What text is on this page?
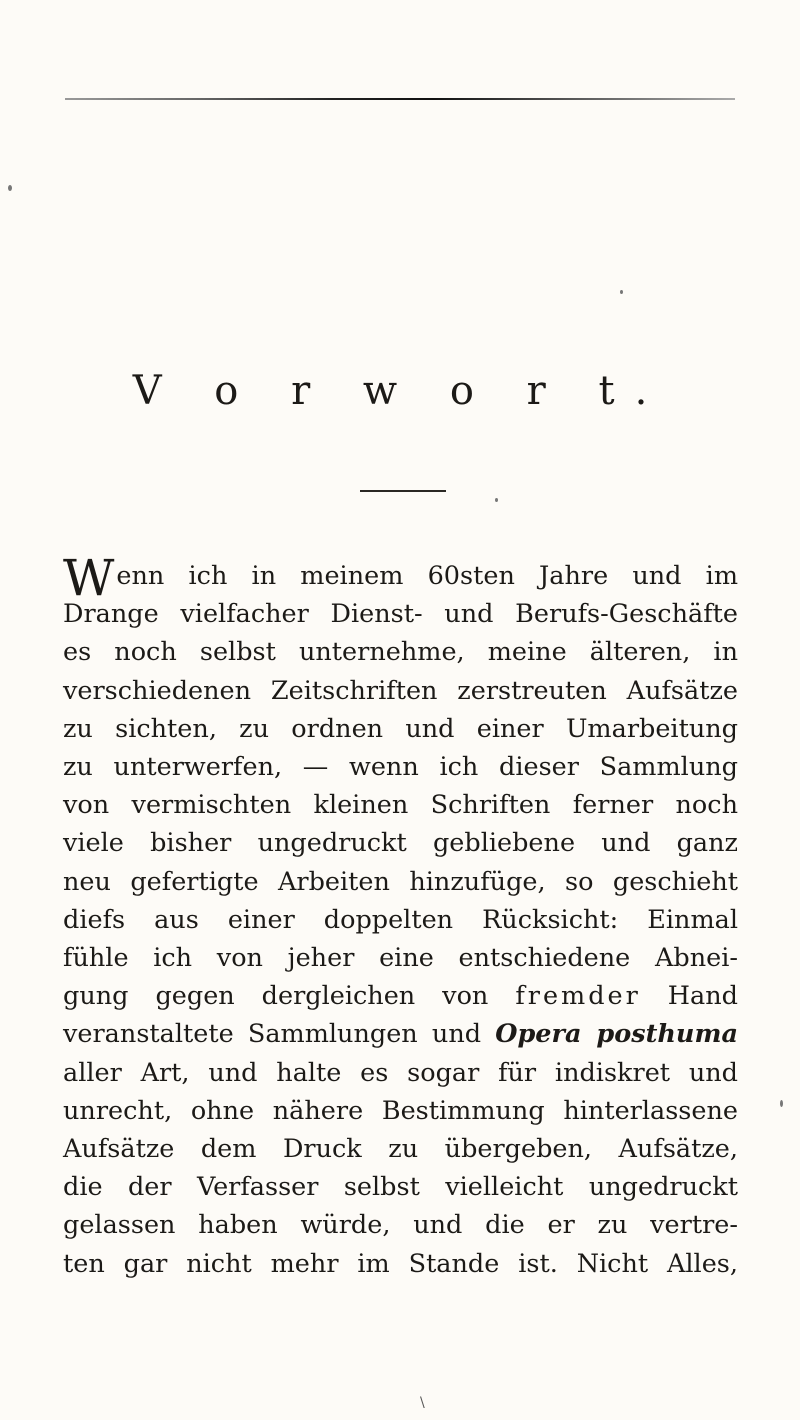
V o r w o r t.
Wenn ich in meinem 60sten Jahre und im
Drange vielfacher Dienst- und Berufs-Geschäfte
es noch selbst unternehme, meine älteren, in
verschiedenen Zeitschriften zerstreuten Aufsätze
zu sichten, zu ordnen und einer Umarbeitung
zu unterwerfen, — wenn ich dieser Sammlung
von vermischten kleinen Schriften ferner noch
viele bisher ungedruckt gebliebene und ganz
neu gefertigte Arbeiten hinzufüge, so geschieht
diefs aus einer doppelten Rücksicht: Einmal
fühle ich von jeher eine entschiedene Abnei-
gung gegen dergleichen von fremder Hand
veranstaltete Sammlungen und Opera posthuma
aller Art, und halte es sogar für indiskret und
unrecht, ohne nähere Bestimmung hinterlassene
Aufsätze dem Druck zu übergeben, Aufsätze,
die der Verfasser selbst vielleicht ungedruckt
gelassen haben würde, und die er zu vertre-
ten gar nicht mehr im Stande ist. Nicht Alles,
\
